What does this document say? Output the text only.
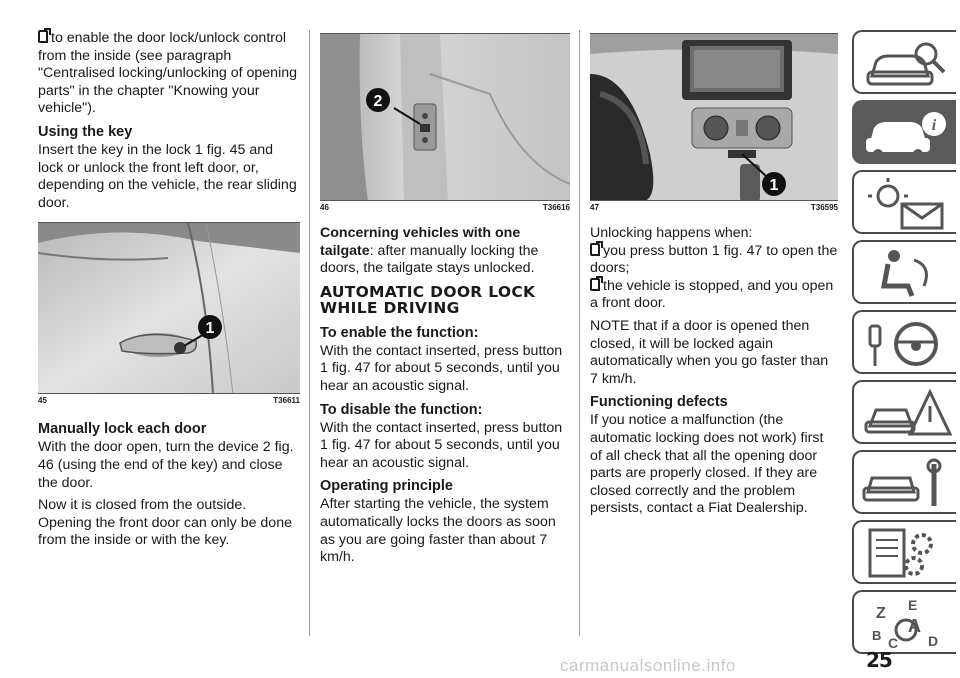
to enable the door lock/unlock control from the inside (see paragraph "Centralised locking/unlocking of opening parts" in the chapter "Knowing your vehicle").

Using the key

Insert the key in the lock 1 fig. 45 and lock or unlock the front left door, or, depending on the vehicle, the rear sliding door.

1
45	T36611
Manually lock each door

With the door open, turn the device 2 fig. 46 (using the end of the key) and close the door.

Now it is closed from the outside. Opening the front door can only be done from the inside or with the key.

2
46	T36616

Concerning vehicles with one tailgate: after manually locking the doors, the tailgate stays unlocked.

AUTOMATIC DOOR LOCK WHILE DRIVING
To enable the function:

With the contact inserted, press button 1 fig. 47 for about 5 seconds, until you hear an acoustic signal.

To disable the function:

With the contact inserted, press button 1 fig. 47 for about 5 seconds, until you hear an acoustic signal.

Operating principle

After starting the vehicle, the system automatically locks the doors as soon as you are going faster than about 7 km/h.

1
47	T36595

Unlocking happens when:

you press button 1 fig. 47 to open the doors;

the vehicle is stopped, and you open a front door.

NOTE that if a door is opened then closed, it will be locked again automatically when you go faster than 7 km/h.

Functioning defects

If you notice a malfunction (the automatic locking does not work) first of all check that all the opening door parts are properly closed. If they are closed correctly and the problem persists, contact a Fiat Dealership.

i
Z E
A
B C D
25
carmanualsonline.info
